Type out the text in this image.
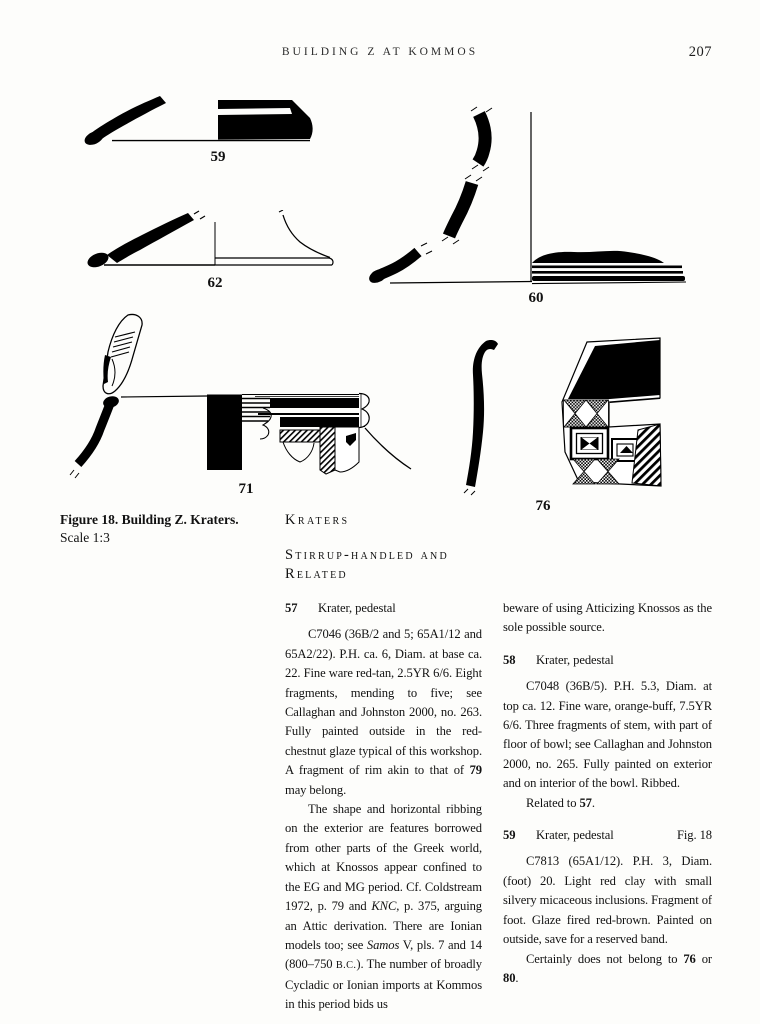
BUILDING Z AT KOMMOS	207
59
62
60
71
76
Figure 18. Building Z. Kraters.
Scale 1:3
Kraters
Stirrup-handled and
Related
57 Krater, pedestal

C7046 (36B/2 and 5; 65A1/12 and 65A2/22). P.H. ca. 6, Diam. at base ca. 22. Fine ware red-tan, 2.5YR 6/6. Eight fragments, mending to five; see Callaghan and Johnston 2000, no. 263. Fully painted outside in the red-chestnut glaze typical of this workshop. A fragment of rim akin to that of 79 may belong.

The shape and horizontal ribbing on the exterior are features borrowed from other parts of the Greek world, which at Knossos appear confined to the EG and MG period. Cf. Coldstream 1972, p. 79 and KNC, p. 375, arguing an Attic derivation. There are Ionian models too; see Samos V, pls. 7 and 14 (800–750 B.C.). The number of broadly Cycladic or Ionian imports at Kommos in this period bids us

beware of using Atticizing Knossos as the sole possible source.

58 Krater, pedestal

C7048 (36B/5). P.H. 5.3, Diam. at top ca. 12. Fine ware, orange-buff, 7.5YR 6/6. Three fragments of stem, with part of floor of bowl; see Callaghan and Johnston 2000, no. 265. Fully painted on exterior and on interior of the bowl. Ribbed.

Related to 57.

Fig. 18
59 Krater, pedestal

C7813 (65A1/12). P.H. 3, Diam. (foot) 20. Light red clay with small silvery micaceous inclusions. Fragment of foot. Glaze fired red-brown. Painted on outside, save for a reserved band.

Certainly does not belong to 76 or 80.
